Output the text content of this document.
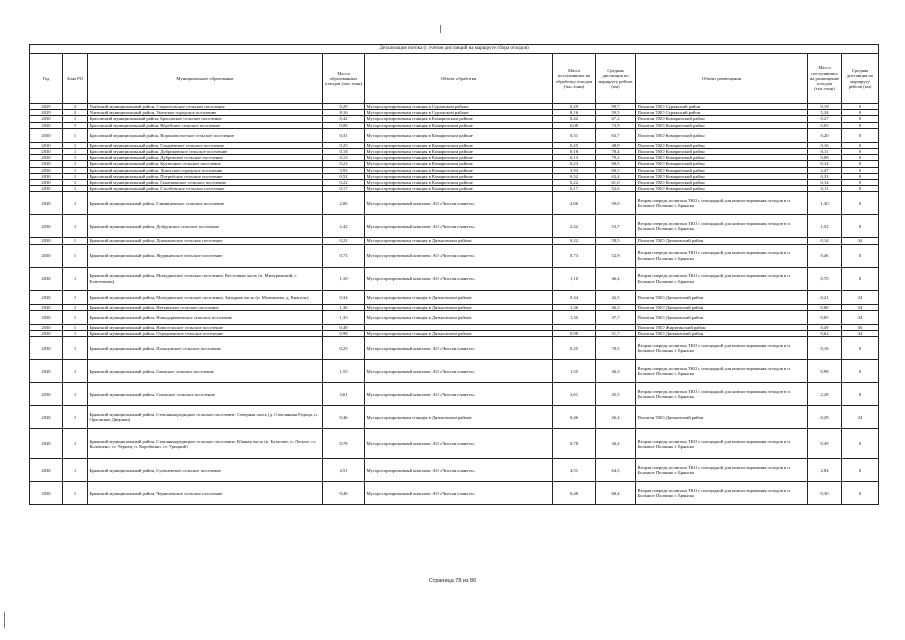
Детализация потока (с учетом дистанций на маршруте сбора отходов)									
Год	Зона РО	Муниципальное образование	Масса образованных отходов (тыс.тонн)	Объект обработки	Масса поступивших на обработку отходов (тыс.тонн)	Средняя дистанция по маршруту рейсов (км)	Объект размещения	Масса поступивших на размещение отходов (тыс.тонн)	Средняя дистанция по маршруту рейсов (км)
2029	2	Унечский муниципальный район, Старосельское сельское поселение	0,29	Мусоросортировочная станция в Суражском районе	0,29	99,7	Полигон ТКО Суражский район	0,19	0
2029	2	Унечский муниципальный район, Унечское городское поселение	8,16	Мусоросортировочная станция в Суражском районе	8,16	59,5	Полигон ТКО Суражский район	5,34	0
2030	1	Брасовский муниципальный район, Брасовское сельское поселение	0,42	Мусоросортировочная станция в Комаричском районе	0,42	67,2	Полигон ТКО Комаричский район	0,27	0
2030	1	Брасовский муниципальный район, Веребское сельское поселение	0,08	Мусоросортировочная станция в Комаричском районе	0,08	73,9	Полигон ТКО Комаричский район	0,05	0
2030	1	Брасовский муниципальный район, Вороновологское сельское поселение	0,31	Мусоросортировочная станция в Комаричском районе	0,31	63,7	Полигон ТКО Комаричский район	0,20	0
2030	1	Брасовский муниципальный район, Глодневское сельское поселение	0,25	Мусоросортировочная станция в Комаричском районе	0,25	48,9	Полигон ТКО Комаричский район	0,16	0
2030	1	Брасовский муниципальный район, Добриковское сельское поселение	0,18	Мусоросортировочная станция в Комаричском районе	0,18	78,4	Полигон ТКО Комаричский район	0,11	0
2030	1	Брасовский муниципальный район, Дубровское сельское поселение	0,13	Мусоросортировочная станция в Комаричском районе	0,13	79,2	Полигон ТКО Комаричский район	0,08	0
2030	1	Брасовский муниципальный район, Крупецкое сельское поселение	0,23	Мусоросортировочная станция в Комаричском районе	0,23	68,5	Полигон ТКО Комаричский район	0,14	0
2030	1	Брасовский муниципальный район, Локотское городское поселение	3,93	Мусоросортировочная станция в Комаричском районе	3,93	69,5	Полигон ТКО Комаричский район	2,47	0
2030	1	Брасовский муниципальный район, Погребское сельское поселение	0,52	Мусоросортировочная станция в Комаричском районе	0,52	63,4	Полигон ТКО Комаричский район	0,33	0
2030	1	Брасовский муниципальный район, Сныткинское сельское поселение	0,22	Мусоросортировочная станция в Комаричском районе	0,22	61,0	Полигон ТКО Комаричский район	0,14	0
2030	1	Брасовский муниципальный район, Столбовское сельское поселение	0,17	Мусоросортировочная станция в Комаричском районе	0,17	52,6	Полигон ТКО Комаричский район	0,11	0
2030	1	Брянский муниципальный район, Глинищевское сельское поселение	2,06	Мусоросортировочный комплекс АО «Чистая планета»	2,06	59,0	Вторая очередь полигона ТКО с площадкой для компостирования отходов в п. Большое Полпино г. Брянска	1,30	0
2030	1	Брянский муниципальный район, Добрунское сельское поселение	2,42	Мусоросортировочный комплекс АО «Чистая планета»	2,42	53,7	Вторая очередь полигона ТКО с площадкой для компостирования отходов в п. Большое Полпино г. Брянска	1,52	0
2030	1	Брянский муниципальный район, Домашовское сельское поселение	0,22	Мусоросортировочная станция в Дятьковском районе	0,22	58,5	Полигон ТКО Дятьковский район	0,14	34
2030	1	Брянский муниципальный район, Журиничское сельское поселение	0,73	Мусоросортировочный комплекс АО «Чистая планета»	0,73	52,9	Вторая очередь полигона ТКО с площадкой для компостирования отходов в п. Большое Полпино г. Брянска	0,46	0
2030	1	Брянский муниципальный район, Мичуринское сельское поселение, Восточная часть (п. Мичуринский, с. Елисеевичи)	1,10	Мусоросортировочный комплекс АО «Чистая планета»	1,10	46,4	Вторая очередь полигона ТКО с площадкой для компостирования отходов в п. Большое Полпино г. Брянска	0,70	0
2030	1	Брянский муниципальный район, Мичуринское сельское поселение, Западная часть (п. Малиновка, д. Кнагиль)	0,34	Мусоросортировочная станция в Дятьковском районе	0,34	42,5	Полигон ТКО Дятьковский район	0,21	34
2030	1	Брянский муниципальный район, Нетьинское сельское поселение	1,36	Мусоросортировочная станция в Дятьковском районе	1,36	46,3	Полигон ТКО Дятьковский район	0,86	34
2030	1	Брянский муниципальный район, Новодарковичское сельское поселение	1,35	Мусоросортировочная станция в Дятьковском районе	1,35	37,7	Полигон ТКО Дятьковский район	0,85	34
2030	1	Брянский муниципальный район, Новосельское сельское поселение	0,49				Полигон ТКО Жирятинский район	0,49	56
2030	1	Брянский муниципальный район, Отрадненское сельское поселение	0,98	Мусоросортировочная станция в Дятьковском районе	0,98	51,7	Полигон ТКО Дятьковский район	0,62	34
2030	1	Брянский муниципальный район, Пальцовское сельское поселение	0,25	Мусоросортировочный комплекс АО «Чистая планета»	0,25	70,5	Вторая очередь полигона ТКО с площадкой для компостирования отходов в п. Большое Полпино г. Брянска	0,16	0
2030	1	Брянский муниципальный район, Свенское сельское поселение	1,55	Мусоросортировочный комплекс АО «Чистая планета»	1,55	46,3	Вторая очередь полигона ТКО с площадкой для компостирования отходов в п. Большое Полпино г. Брянска	0,98	0
2030	1	Брянский муниципальный район, Снежское сельское поселение	3,61	Мусоросортировочный комплекс АО «Чистая планета»	3,61	45,5	Вторая очередь полигона ТКО с площадкой для компостирования отходов в п. Большое Полпино г. Брянска	2,28	0
2030	1	Брянский муниципальный район, Стекляннорадицкое сельское поселение, Северная часть (д. Стеклянная Радица, п. Орловские Дворики)	0,46	Мусоросортировочная станция в Дятьковском районе	0,46	26,4	Полигон ТКО Дятьковский район	0,29	34
2030	1	Брянский муниципальный район, Стекляннорадицкое сельское поселение, Южная часть (п. Батагово, п. Лесное, ст. Колошено, ст. Чернец, п. Коробкино, ст. Урицкий)	0,78	Мусоросортировочный комплекс АО «Чистая планета»	0,78	36,4	Вторая очередь полигона ТКО с площадкой для компостирования отходов в п. Большое Полпино г. Брянска	0,49	0
2030	1	Брянский муниципальный район, Супоневское сельское поселение	4,51	Мусоросортировочный комплекс АО «Чистая планета»	4,51	64,5	Вторая очередь полигона ТКО с площадкой для компостирования отходов в п. Большое Полпино г. Брянска	2,84	0
2030	1	Брянский муниципальный район, Чернетовское сельское поселение	0,48	Мусоросортировочный комплекс АО «Чистая планета»	0,48	68,4	Вторая очередь полигона ТКО с площадкой для компостирования отходов в п. Большое Полпино г. Брянска	0,30	0
Страница 78 из 86
